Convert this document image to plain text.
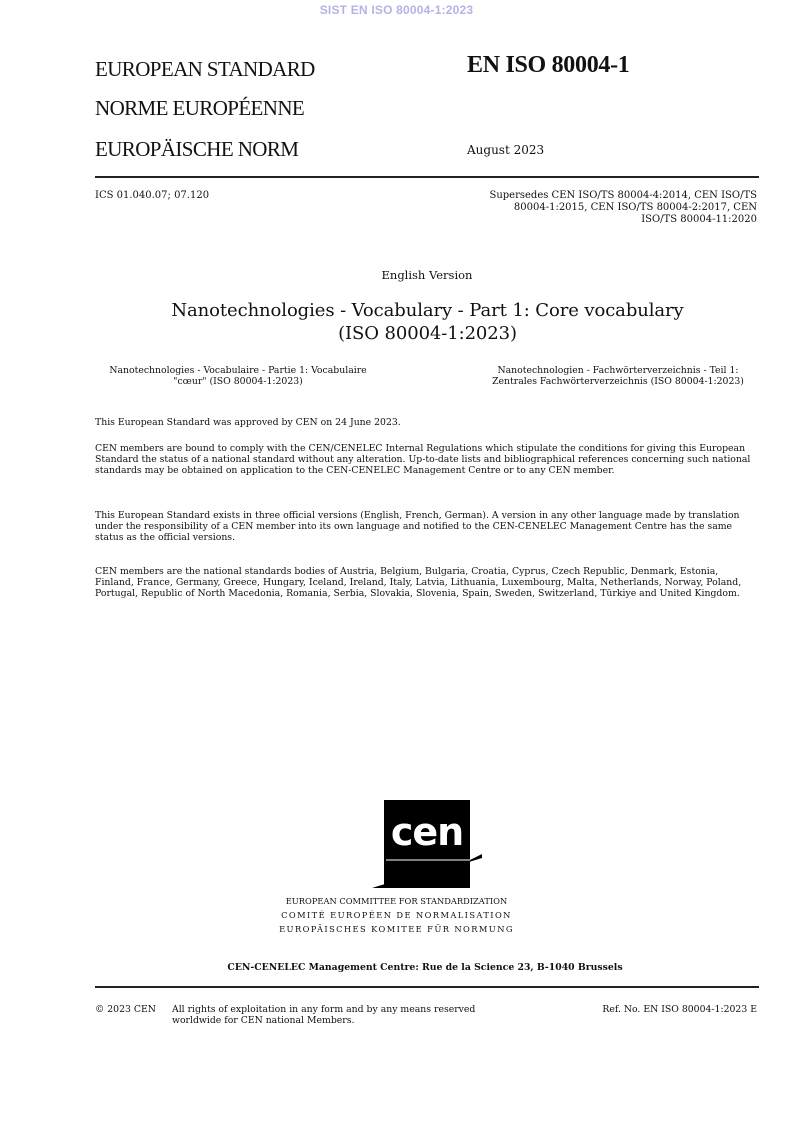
SIST EN ISO 80004-1:2023
EUROPEAN STANDARD
NORME EUROPÉENNE
EUROPÄISCHE NORM
EN ISO 80004-1
August 2023
ICS 01.040.07; 07.120	Supersedes CEN ISO/TS 80004-4:2014, CEN ISO/TS
80004-1:2015, CEN ISO/TS 80004-2:2017, CEN
ISO/TS 80004-11:2020
English Version
Nanotechnologies - Vocabulary - Part 1: Core vocabulary
(ISO 80004-1:2023)
Nanotechnologies - Vocabulaire - Partie 1: Vocabulaire
"cœur" (ISO 80004-1:2023)
Nanotechnologien - Fachwörterverzeichnis - Teil 1:
Zentrales Fachwörterverzeichnis (ISO 80004-1:2023)
This European Standard was approved by CEN on 24 June 2023.
CEN members are bound to comply with the CEN/CENELEC Internal Regulations which stipulate the conditions for giving this European Standard the status of a national standard without any alteration. Up-to-date lists and bibliographical references concerning such national standards may be obtained on application to the CEN-CENELEC Management Centre or to any CEN member.
This European Standard exists in three official versions (English, French, German). A version in any other language made by translation under the responsibility of a CEN member into its own language and notified to the CEN-CENELEC Management Centre has the same status as the official versions.
CEN members are the national standards bodies of Austria, Belgium, Bulgaria, Croatia, Cyprus, Czech Republic, Denmark, Estonia, Finland, France, Germany, Greece, Hungary, Iceland, Ireland, Italy, Latvia, Lithuania, Luxembourg, Malta, Netherlands, Norway, Poland, Portugal, Republic of North Macedonia, Romania, Serbia, Slovakia, Slovenia, Spain, Sweden, Switzerland, Türkiye and United Kingdom.
cen
EUROPEAN COMMITTEE FOR STANDARDIZATION
COMITÉ EUROPÉEN DE NORMALISATION
EUROPÄISCHES KOMITEE FÜR NORMUNG
CEN-CENELEC Management Centre: Rue de la Science 23, B-1040 Brussels
© 2023 CEN All rights of exploitation in any form and by any means reserved
worldwide for CEN national Members.
Ref. No. EN ISO 80004-1:2023 E
